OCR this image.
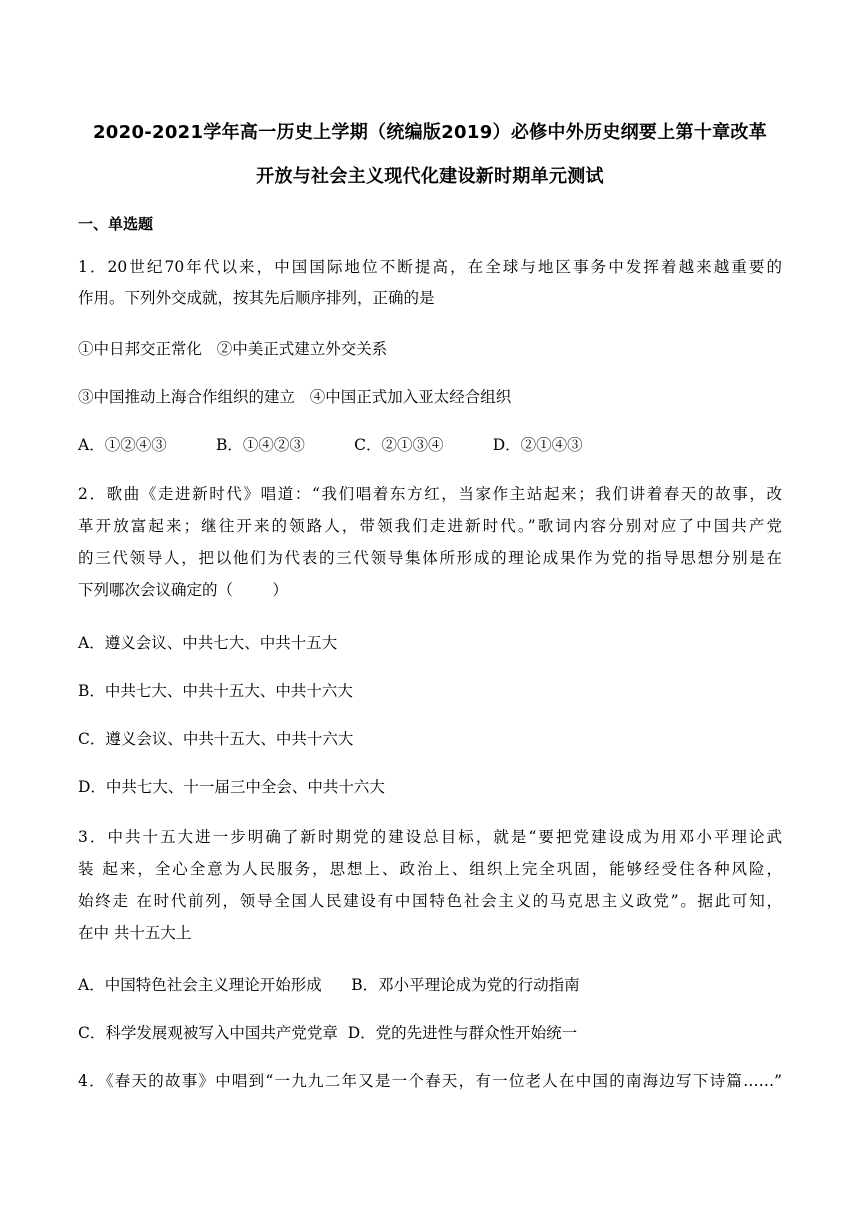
2020-2021学年高一历史上学期（统编版2019）必修中外历史纲要上第十章改革
开放与社会主义现代化建设新时期单元测试
一、单选题
1．20世纪70年代以来，中国国际地位不断提高，在全球与地区事务中发挥着越来越重要的
作用。下列外交成就，按其先后顺序排列，正确的是
①中日邦交正常化   ②中美正式建立外交关系
③中国推动上海合作组织的建立   ④中国正式加入亚太经合组织
A．①②④③          B．①④②③          C．②①③④          D．②①④③
2．歌曲《走进新时代》唱道：“我们唱着东方红，当家作主站起来；我们讲着春天的故事，改
革开放富起来；继往开来的领路人，带领我们走进新时代。”歌词内容分别对应了中国共产党
的三代领导人，把以他们为代表的三代领导集体所形成的理论成果作为党的指导思想分别是在
下列哪次会议确定的（        ）
A．遵义会议、中共七大、中共十五大
B．中共七大、中共十五大、中共十六大
C．遵义会议、中共十五大、中共十六大
D．中共七大、十一届三中全会、中共十六大
3．中共十五大进一步明确了新时期党的建设总目标，就是“要把党建设成为用邓小平理论武
装 起来，全心全意为人民服务，思想上、政治上、组织上完全巩固，能够经受住各种风险，
始终走 在时代前列，领导全国人民建设有中国特色社会主义的马克思主义政党”。据此可知，
在中 共十五大上
A．中国特色社会主义理论开始形成      B．邓小平理论成为党的行动指南
C．科学发展观被写入中国共产党党章  D．党的先进性与群众性开始统一
4．《春天的故事》中唱到“一九九二年又是一个春天，有一位老人在中国的南海边写下诗篇……”
